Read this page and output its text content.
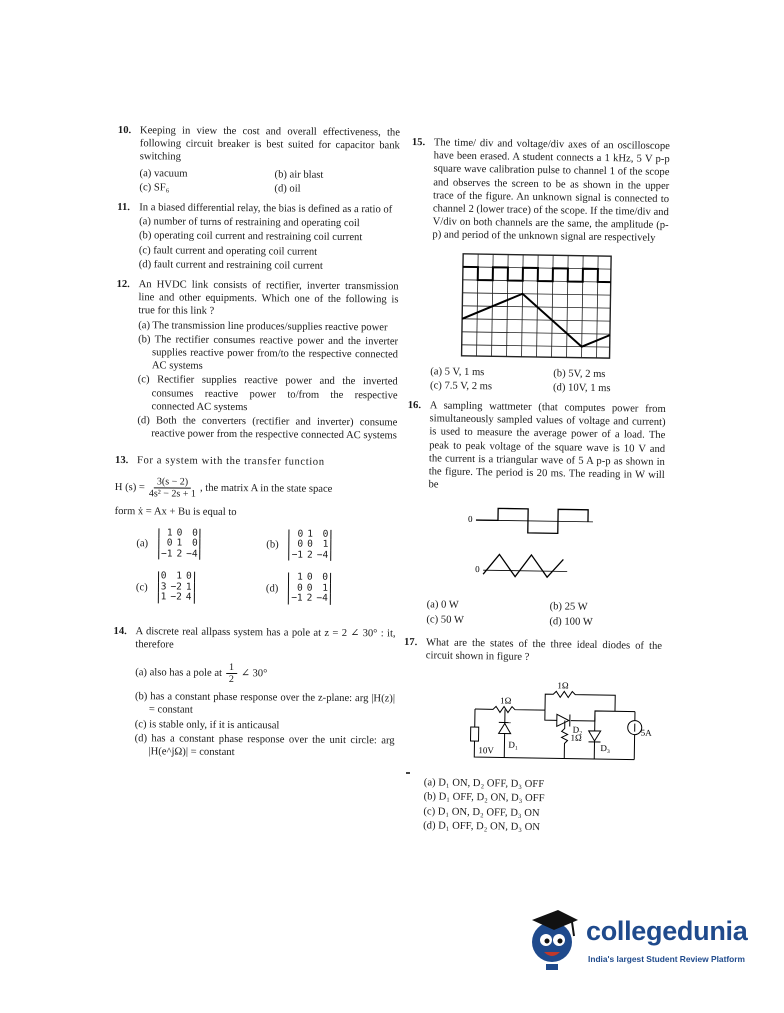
10. Keeping in view the cost and overall effectiveness, the following circuit breaker is best suited for capacitor bank switching
(a) vacuum	(b) air blast
(c) SF₆	(d) oil
11. In a biased differential relay, the bias is defined as a ratio of
(a) number of turns of restraining and operating coil
(b) operating coil current and restraining coil current
(c) fault current and operating coil current
(d) fault current and restraining coil current
12. An HVDC link consists of rectifier, inverter transmission line and other equipments. Which one of the following is true for this link ?
(a) The transmission line produces/supplies reactive power
(b) The rectifier consumes reactive power and the inverter supplies reactive power from/to the respective connected AC systems
(c) Rectifier supplies reactive power and the inverted consumes reactive power to/from the respective connected AC systems
(d) Both the converters (rectifier and inverter) consume reactive power from the respective connected AC systems
13. For a system with the transfer function
H $(s) = \frac{3(s - 2)}{\text{4s² − 2s + 1}}$ , the matrix A in the state space
form ẋ = Ax + Bu is equal to
(a)
1	0	0
0	1	0
−1	2	−4
(b)
0	1	0
0	0	1
−1	2	−4
(c)
0	1	0
3	−2	1
1	−2	4
(d)
1	0	0
0	0	1
−1	2	−4
14. A discrete real allpass system has a pole at z = 2 ∠ 30° : it, therefore
(a) also has a pole at $\frac{1}{2}$ ∠ 30°
(b) has a constant phase response over the z-plane: arg |H(z)| = constant
(c) is stable only, if it is anticausal
(d) has a constant phase response over the unit circle: arg |H(e^jΩ)| = constant
15. The time/ div and voltage/div axes of an oscilloscope have been erased. A student connects a 1 kHz, 5 V p-p square wave calibration pulse to channel 1 of the scope and observes the screen to be as shown in the upper trace of the figure. An unknown signal is connected to channel 2 (lower trace) of the scope. If the time/div and V/div on both channels are the same, the amplitude (p-p) and period of the unknown signal are respectively
(a) 5 V, 1 ms	(b) 5V, 2 ms
(c) 7.5 V, 2 ms	(d) 10V, 1 ms
16. A sampling wattmeter (that computes power from simultaneously sampled values of voltage and current) is used to measure the average power of a load. The peak to peak voltage of the square wave is 10 V and the current is a triangular wave of 5 A p-p as shown in the figure. The period is 20 ms. The reading in W will be
0
0
(a) 0 W	(b) 25 W
(c) 50 W	(d) 100 W
17. What are the states of the three ideal diodes of the circuit shown in figure ?
1Ω
1Ω
1Ω
10V
5A
D₁
D₂
D₃
(a) D₁ ON, D₂ OFF, D₃ OFF
(b) D₁ OFF, D₂ ON, D₃ OFF
(c) D₁ ON, D₂ OFF, D₃ ON
(d) D₁ OFF, D₂ ON, D₃ ON
collegedunia
India's largest Student Review Platform
